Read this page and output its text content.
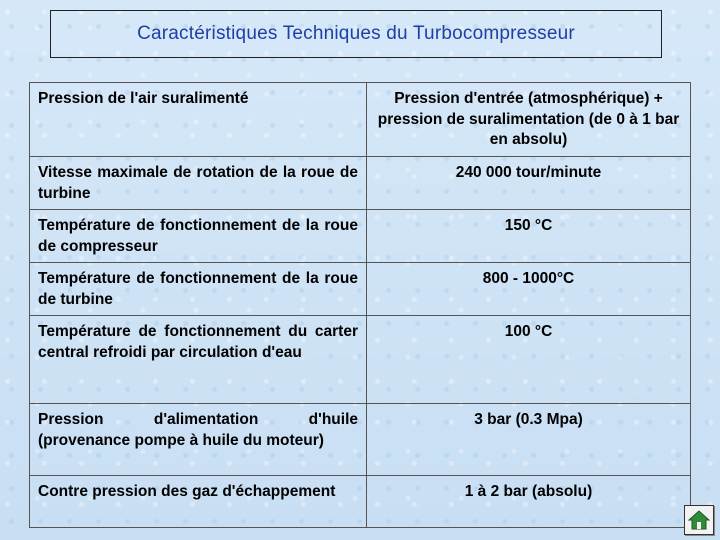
Caractéristiques Techniques du Turbocompresseur
Pression de l'air suralimenté	Pression d'entrée (atmosphérique) + pression de suralimentation (de 0 à 1 bar en absolu)
Vitesse maximale de rotation de la roue de turbine	240 000 tour/minute
Température de fonctionnement de la roue de compresseur	150 °C
Température de fonctionnement de la roue de turbine	800 - 1000°C
Température de fonctionnement du carter central refroidi par circulation d'eau	100 °C
Pression d'alimentation d'huile (provenance pompe à huile du moteur)	3 bar (0.3 Mpa)
Contre pression des gaz d'échappement	1 à 2 bar (absolu)
